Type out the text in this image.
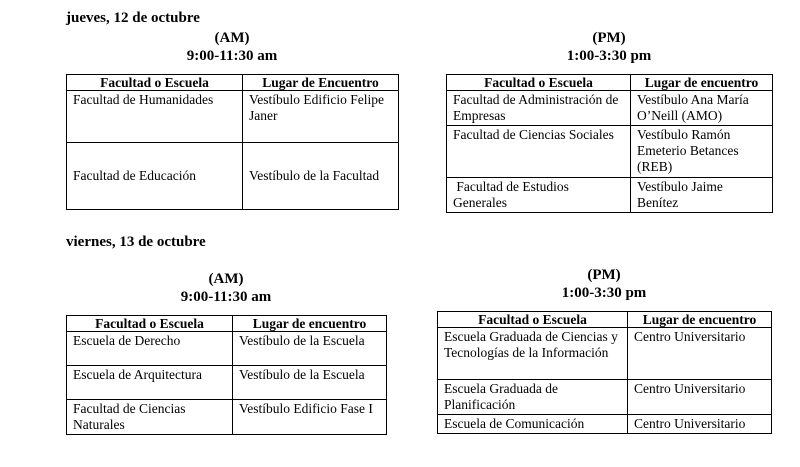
jueves, 12 de octubre
(AM)
9:00-11:30 am
Facultad o Escuela	Lugar de Encuentro
Facultad de Humanidades	Vestíbulo Edificio Felipe Janer
Facultad de Educación	Vestíbulo de la Facultad
(PM)
1:00-3:30 pm
Facultad o Escuela	Lugar de encuentro
Facultad de Administración de Empresas	Vestíbulo Ana María O’Neill (AMO)
Facultad de Ciencias Sociales	Vestíbulo Ramón Emeterio Betances (REB)
Facultad de Estudios Generales	Vestíbulo Jaime Benítez
viernes, 13 de octubre
(AM)
9:00-11:30 am
Facultad o Escuela	Lugar de encuentro
Escuela de Derecho	Vestíbulo de la Escuela
Escuela de Arquitectura	Vestíbulo de la Escuela
Facultad de Ciencias Naturales	Vestíbulo Edificio Fase I
(PM)
1:00-3:30 pm
Facultad o Escuela	Lugar de encuentro
Escuela Graduada de Ciencias y Tecnologías de la Información	Centro Universitario
Escuela Graduada de Planificación	Centro Universitario
Escuela de Comunicación	Centro Universitario
